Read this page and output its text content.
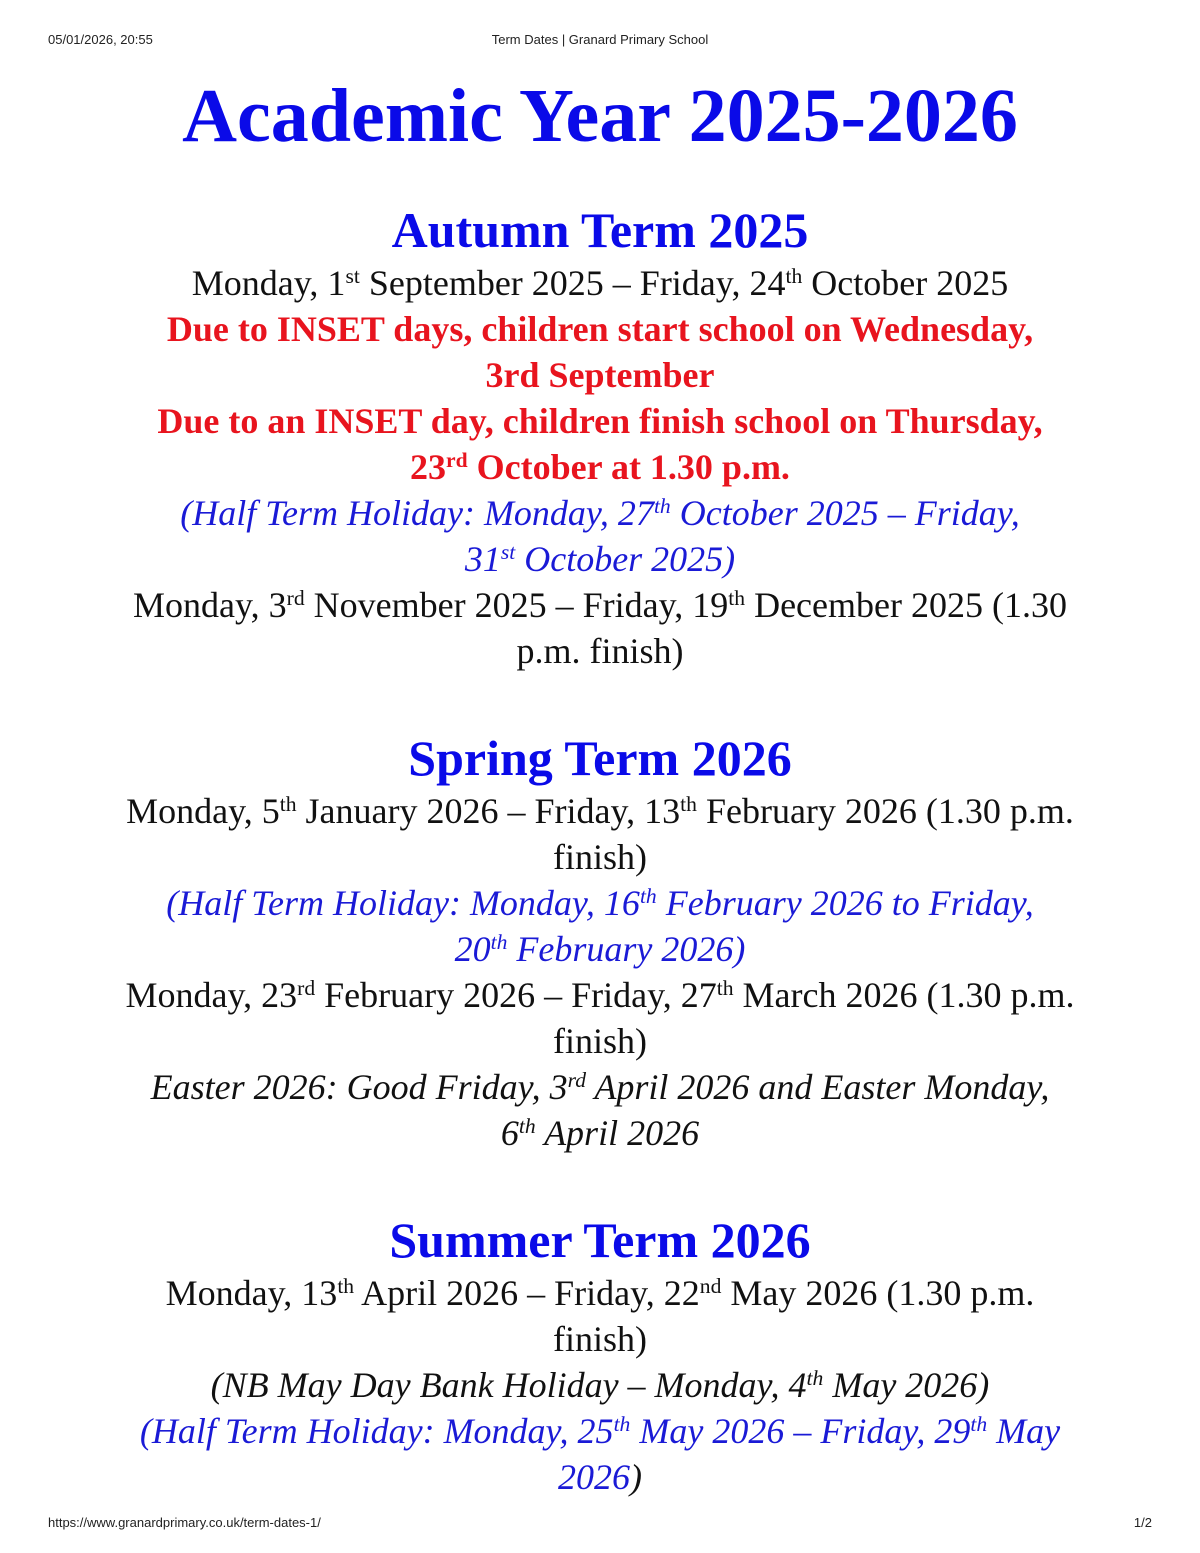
05/01/2026, 20:55	Term Dates | Granard Primary School
Academic Year 2025-2026
Autumn Term 2025

Monday, 1st September 2025 – Friday, 24th October 2025

Due to INSET days, children start school on Wednesday,

3rd September

Due to an INSET day, children finish school on Thursday,

23rd October at 1.30 p.m.

(Half Term Holiday: Monday, 27th October 2025 – Friday,

31st October 2025)

Monday, 3rd November 2025 – Friday, 19th December 2025 (1.30

p.m. finish)

Spring Term 2026

Monday, 5th January 2026 – Friday, 13th February 2026 (1.30 p.m.

finish)

(Half Term Holiday: Monday, 16th February 2026 to Friday,

20th February 2026)

Monday, 23rd February 2026 – Friday, 27th March 2026 (1.30 p.m.

finish)

Easter 2026: Good Friday, 3rd April 2026 and Easter Monday,

6th April 2026

Summer Term 2026

Monday, 13th April 2026 – Friday, 22nd May 2026 (1.30 p.m.

finish)

(NB May Day Bank Holiday – Monday, 4th May 2026)

(Half Term Holiday: Monday, 25th May 2026 – Friday, 29th May

2026)

https://www.granardprimary.co.uk/term-dates-1/	1/2
